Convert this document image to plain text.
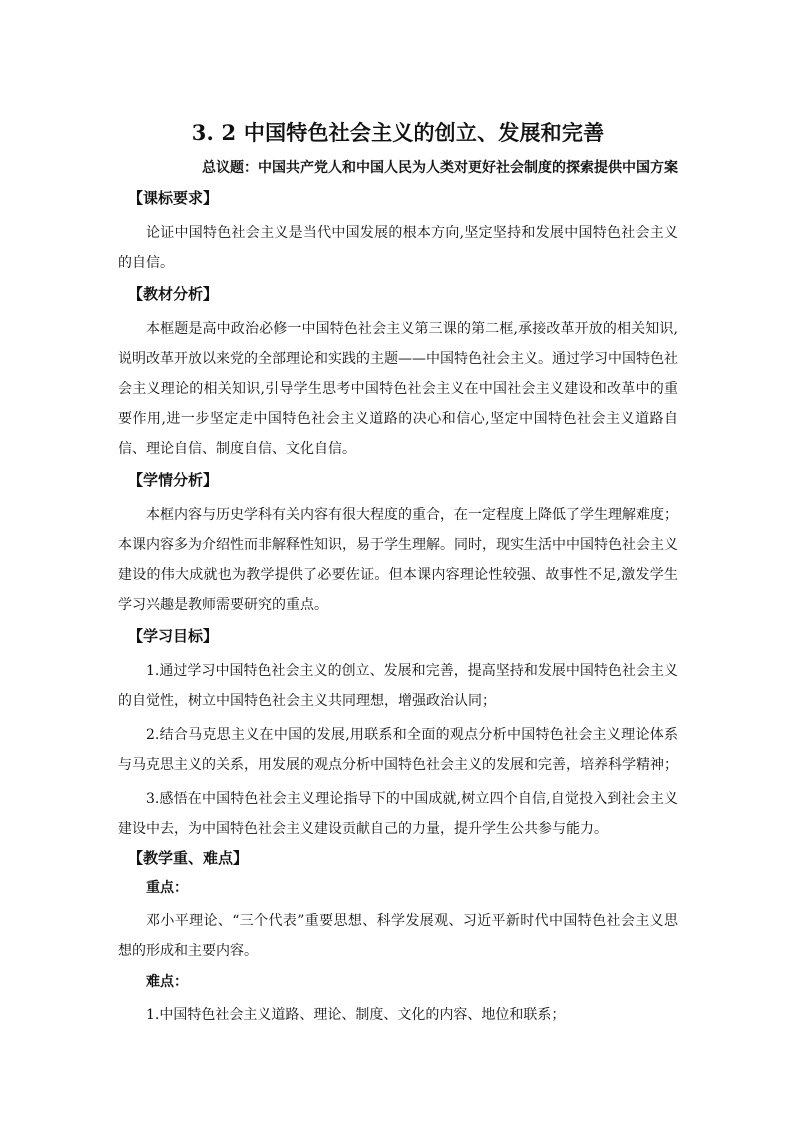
3. 2 中国特色社会主义的创立、发展和完善
总议题：中国共产党人和中国人民为人类对更好社会制度的探索提供中国方案
【课标要求】

论证中国特色社会主义是当代中国发展的根本方向,坚定坚持和发展中国特色社会主义的自信。

【教材分析】

本框题是高中政治必修一中国特色社会主义第三课的第二框,承接改革开放的相关知识,说明改革开放以来党的全部理论和实践的主题——中国特色社会主义。通过学习中国特色社会主义理论的相关知识,引导学生思考中国特色社会主义在中国社会主义建设和改革中的重要作用,进一步坚定走中国特色社会主义道路的决心和信心,坚定中国特色社会主义道路自信、理论自信、制度自信、文化自信。

【学情分析】

本框内容与历史学科有关内容有很大程度的重合，在一定程度上降低了学生理解难度；本课内容多为介绍性而非解释性知识，易于学生理解。同时，现实生活中中国特色社会主义建设的伟大成就也为教学提供了必要佐证。但本课内容理论性较强、故事性不足,激发学生学习兴趣是教师需要研究的重点。

【学习目标】

1.通过学习中国特色社会主义的创立、发展和完善，提高坚持和发展中国特色社会主义的自觉性，树立中国特色社会主义共同理想，增强政治认同；

2.结合马克思主义在中国的发展,用联系和全面的观点分析中国特色社会主义理论体系与马克思主义的关系，用发展的观点分析中国特色社会主义的发展和完善，培养科学精神；

3.感悟在中国特色社会主义理论指导下的中国成就,树立四个自信,自觉投入到社会主义建设中去，为中国特色社会主义建设贡献自己的力量，提升学生公共参与能力。

【教学重、难点】
重点：

邓小平理论、“三个代表”重要思想、科学发展观、习近平新时代中国特色社会主义思想的形成和主要内容。

难点：

1.中国特色社会主义道路、理论、制度、文化的内容、地位和联系；
